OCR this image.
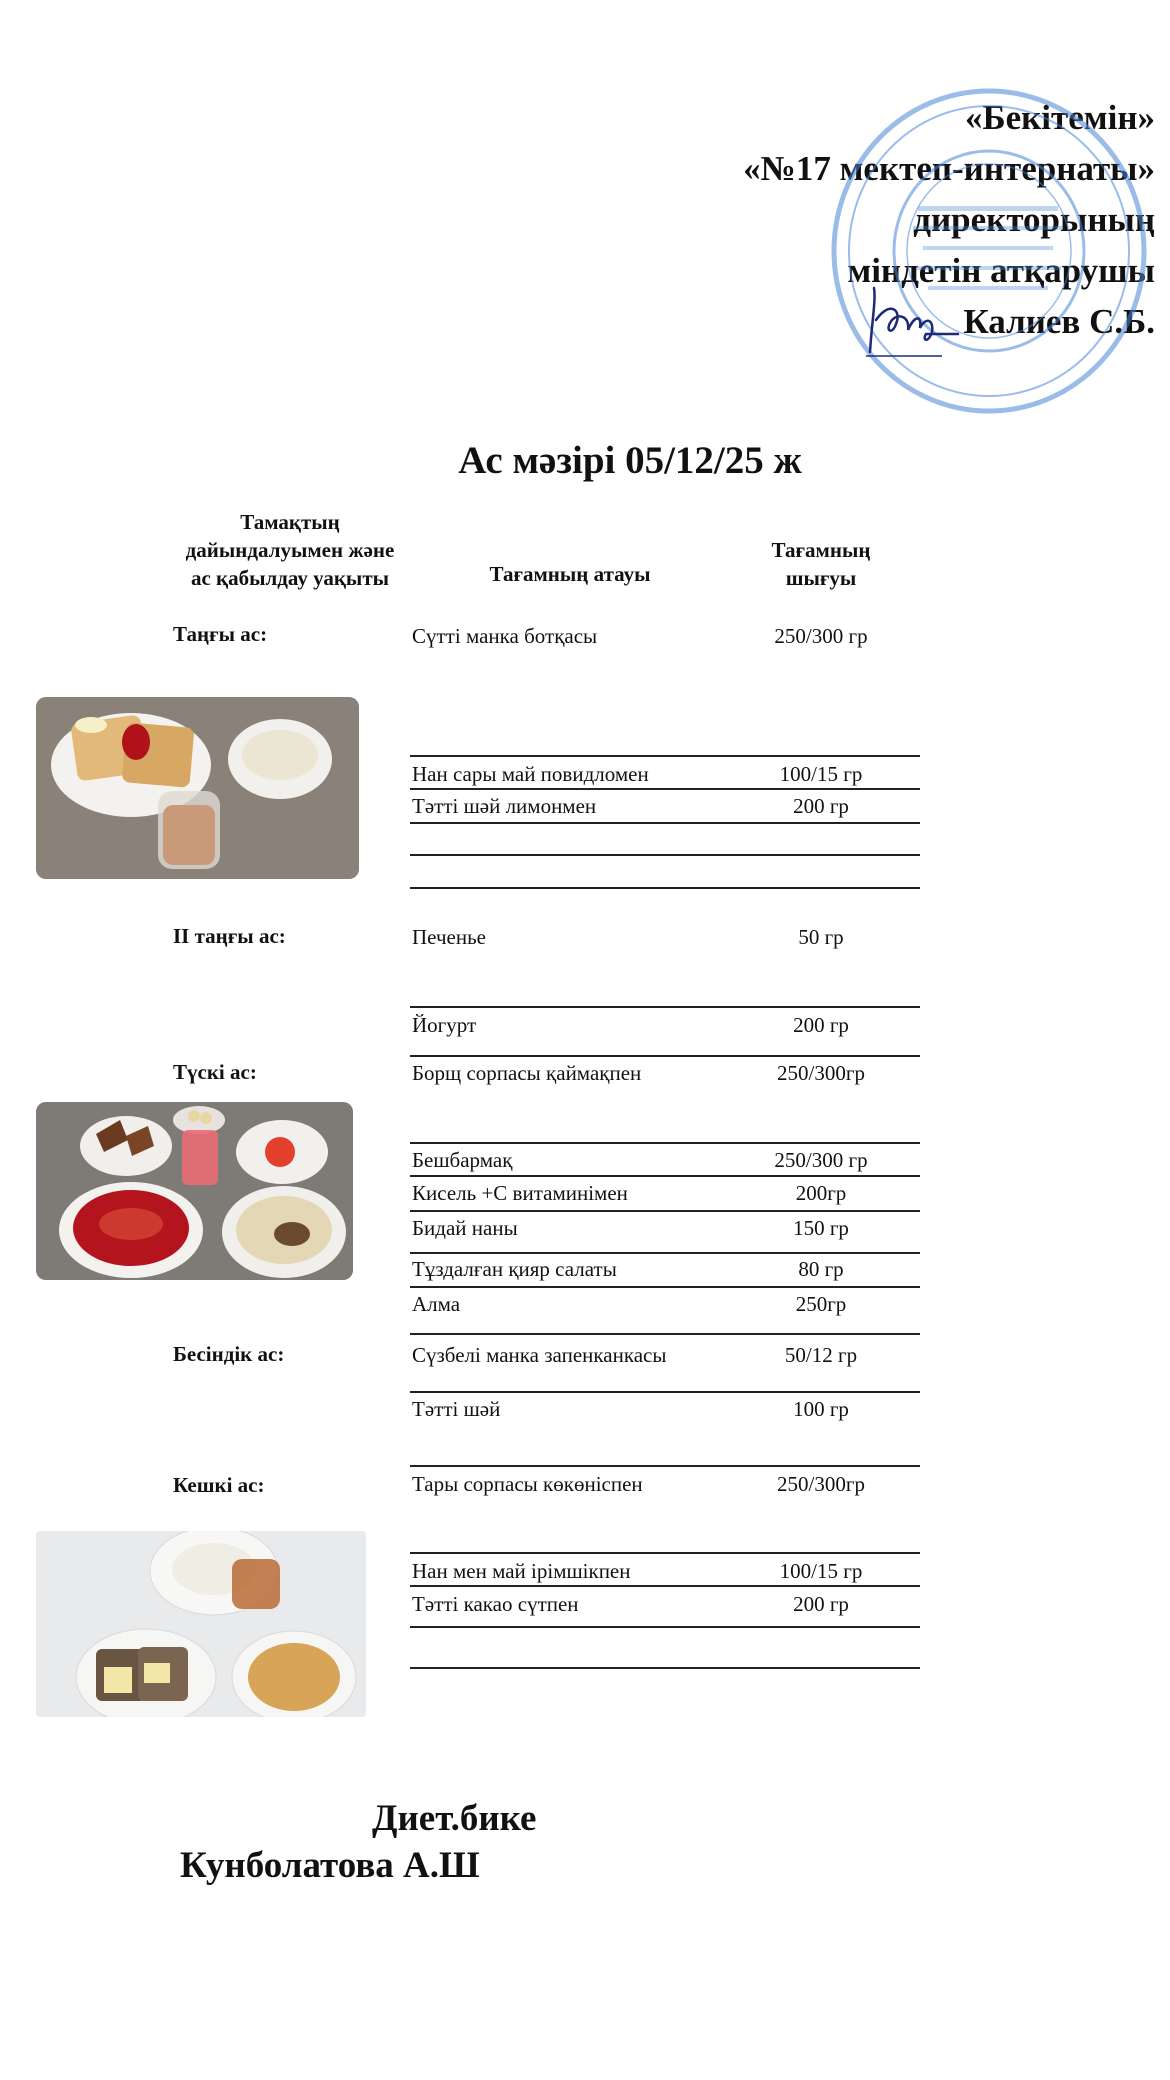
«Бекітемін»
«№17 мектеп-интернаты»
директорының
міндетін атқарушы
Калиев С.Б.
Ас мәзірі 05/12/25 ж
Тамақтың
дайындалуымен және
ас қабылдау уақыты	Тағамның атауы
Тағамның
шығуы
Таңғы ас:	Сүтті манка ботқасы	250/300 гр
Нан сары май повидломен	100/15 гр
Тәтті шәй лимонмен	200 гр
ІІ таңғы ас:	Печенье	50 гр
Йогурт	200 гр
Түскі ас:	Борщ сорпасы қаймақпен	250/300гр
Бешбармақ	250/300 гр
Кисель +С витаминімен	200гр
Бидай наны	150 гр
Тұздалған қияр салаты	80 гр
Алма	250гр
Бесіндік ас:	Сүзбелі манка запенканкасы	50/12 гр
Тәтті шәй	100 гр
Кешкі ас:	Тары сорпасы көкөніспен	250/300гр
Нан мен май ірімшікпен	100/15 гр
Тәтті какао сүтпен	200 гр
Диет.бике
Кунболатова А.Ш
